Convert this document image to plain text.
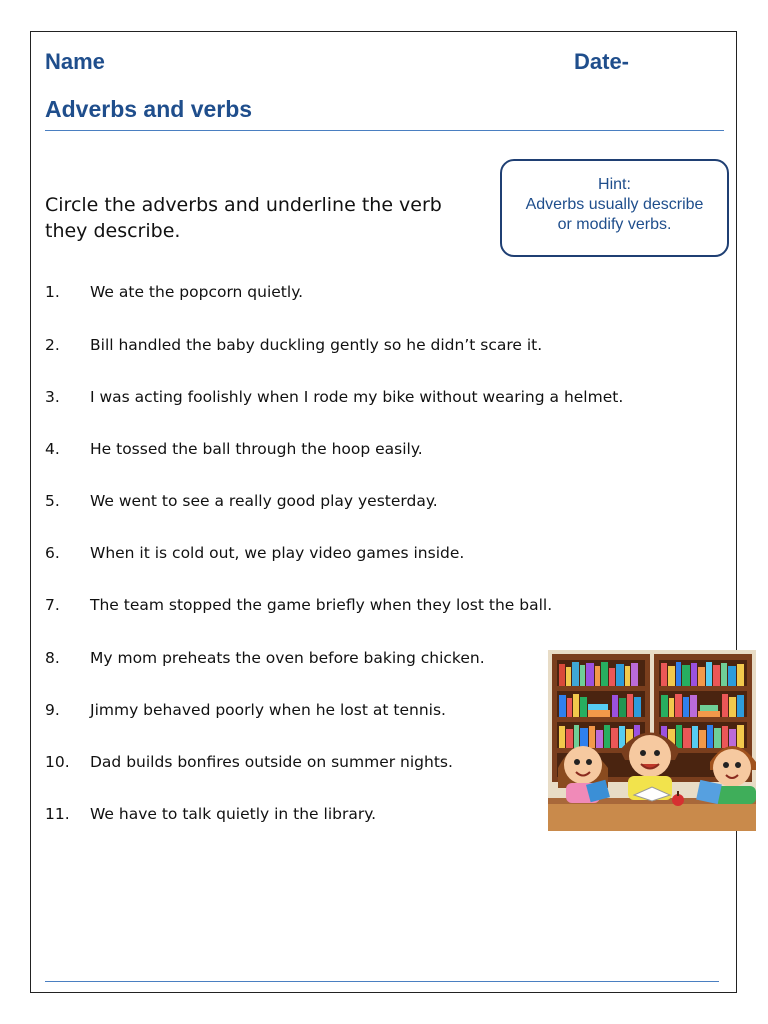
Name	Date-
Adverbs and verbs
Circle the adverbs and underline the verb they describe.
Hint:
Adverbs usually describe
or modify verbs.
1.	We ate the popcorn quietly.
2.	Bill handled the baby duckling gently so he didn’t scare it.
3.	I was acting foolishly when I rode my bike without wearing a helmet.
4.	He tossed the ball through the hoop easily.
5.	We went to see a really good play yesterday.
6.	When it is cold out, we play video games inside.
7.	The team stopped the game briefly when they lost the ball.
8.	My mom preheats the oven before baking chicken.
9.	Jimmy behaved poorly when he lost at tennis.
10.	Dad builds bonfires outside on summer nights.
11.	We have to talk quietly in the library.
